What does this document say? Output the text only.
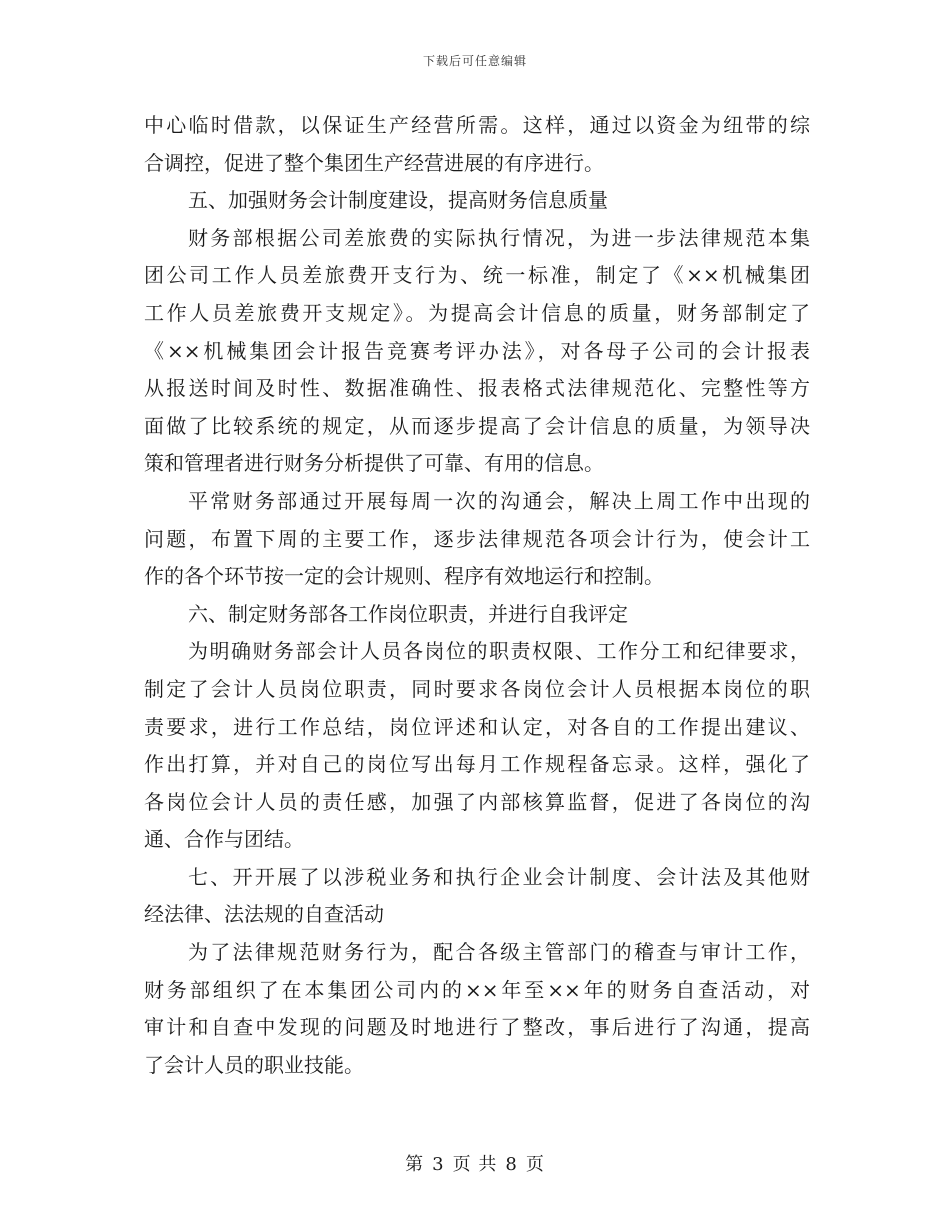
下载后可任意编辑
中心临时借款，以保证生产经营所需。这样，通过以资金为纽带的综
合调控，促进了整个集团生产经营进展的有序进行。
五、加强财务会计制度建设，提高财务信息质量
财务部根据公司差旅费的实际执行情况，为进一步法律规范本集
团公司工作人员差旅费开支行为、统一标准，制定了《××机械集团
工作人员差旅费开支规定》。为提高会计信息的质量，财务部制定了
《××机械集团会计报告竞赛考评办法》，对各母子公司的会计报表
从报送时间及时性、数据准确性、报表格式法律规范化、完整性等方
面做了比较系统的规定，从而逐步提高了会计信息的质量，为领导决
策和管理者进行财务分析提供了可靠、有用的信息。
平常财务部通过开展每周一次的沟通会，解决上周工作中出现的
问题，布置下周的主要工作，逐步法律规范各项会计行为，使会计工
作的各个环节按一定的会计规则、程序有效地运行和控制。
六、制定财务部各工作岗位职责，并进行自我评定
为明确财务部会计人员各岗位的职责权限、工作分工和纪律要求，
制定了会计人员岗位职责，同时要求各岗位会计人员根据本岗位的职
责要求，进行工作总结，岗位评述和认定，对各自的工作提出建议、
作出打算，并对自己的岗位写出每月工作规程备忘录。这样，强化了
各岗位会计人员的责任感，加强了内部核算监督，促进了各岗位的沟
通、合作与团结。
七、开开展了以涉税业务和执行企业会计制度、会计法及其他财
经法律、法法规的自查活动
为了法律规范财务行为，配合各级主管部门的稽查与审计工作，
财务部组织了在本集团公司内的××年至××年的财务自查活动，对
审计和自查中发现的问题及时地进行了整改，事后进行了沟通，提高
了会计人员的职业技能。
第 3 页 共 8 页
